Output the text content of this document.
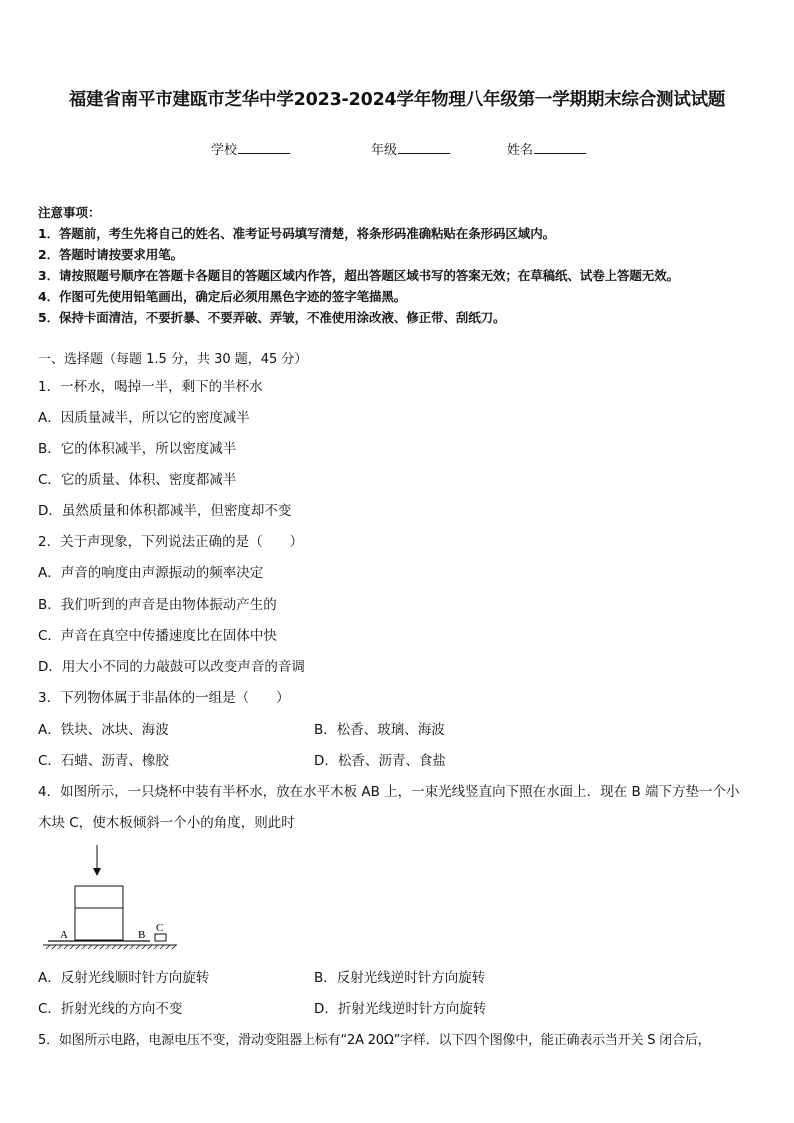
福建省南平市建瓯市芝华中学2023-2024学年物理八年级第一学期期末综合测试试题
学校	年级	姓名
注意事项：
1．答题前，考生先将自己的姓名、准考证号码填写清楚，将条形码准确粘贴在条形码区域内。
2．答题时请按要求用笔。
3．请按照题号顺序在答题卡各题目的答题区域内作答，超出答题区域书写的答案无效；在草稿纸、试卷上答题无效。
4．作图可先使用铅笔画出，确定后必须用黑色字迹的签字笔描黑。
5．保持卡面清洁，不要折暴、不要弄破、弄皱，不准使用涂改液、修正带、刮纸刀。
一、选择题（每题 1.5 分，共 30 题，45 分）
1．一杯水，喝掉一半，剩下的半杯水
A．因质量减半，所以它的密度减半
B．它的体积减半，所以密度减半
C．它的质量、体积、密度都减半
D．虽然质量和体积都减半，但密度却不变
2．关于声现象，下列说法正确的是（　　）
A．声音的响度由声源振动的频率决定
B．我们听到的声音是由物体振动产生的
C．声音在真空中传播速度比在固体中快
D．用大小不同的力敲鼓可以改变声音的音调
3．下列物体属于非晶体的一组是（　　）
A．铁块、冰块、海波	B．松香、玻璃、海波
C．石蜡、沥青、橡胶	D．松香、沥青、食盐
4．如图所示，一只烧杯中装有半杯水，放在水平木板 AB 上，一束光线竖直向下照在水面上．现在 B 端下方垫一个小
木块 C，使木板倾斜一个小的角度，则此时
A	B
C
A．反射光线顺时针方向旋转	B．反射光线逆时针方向旋转
C．折射光线的方向不变	D．折射光线逆时针方向旋转
5．如图所示电路，电源电压不变，滑动变阻器上标有“2A 20Ω”字样．以下四个图像中，能正确表示当开关 S 闭合后，
